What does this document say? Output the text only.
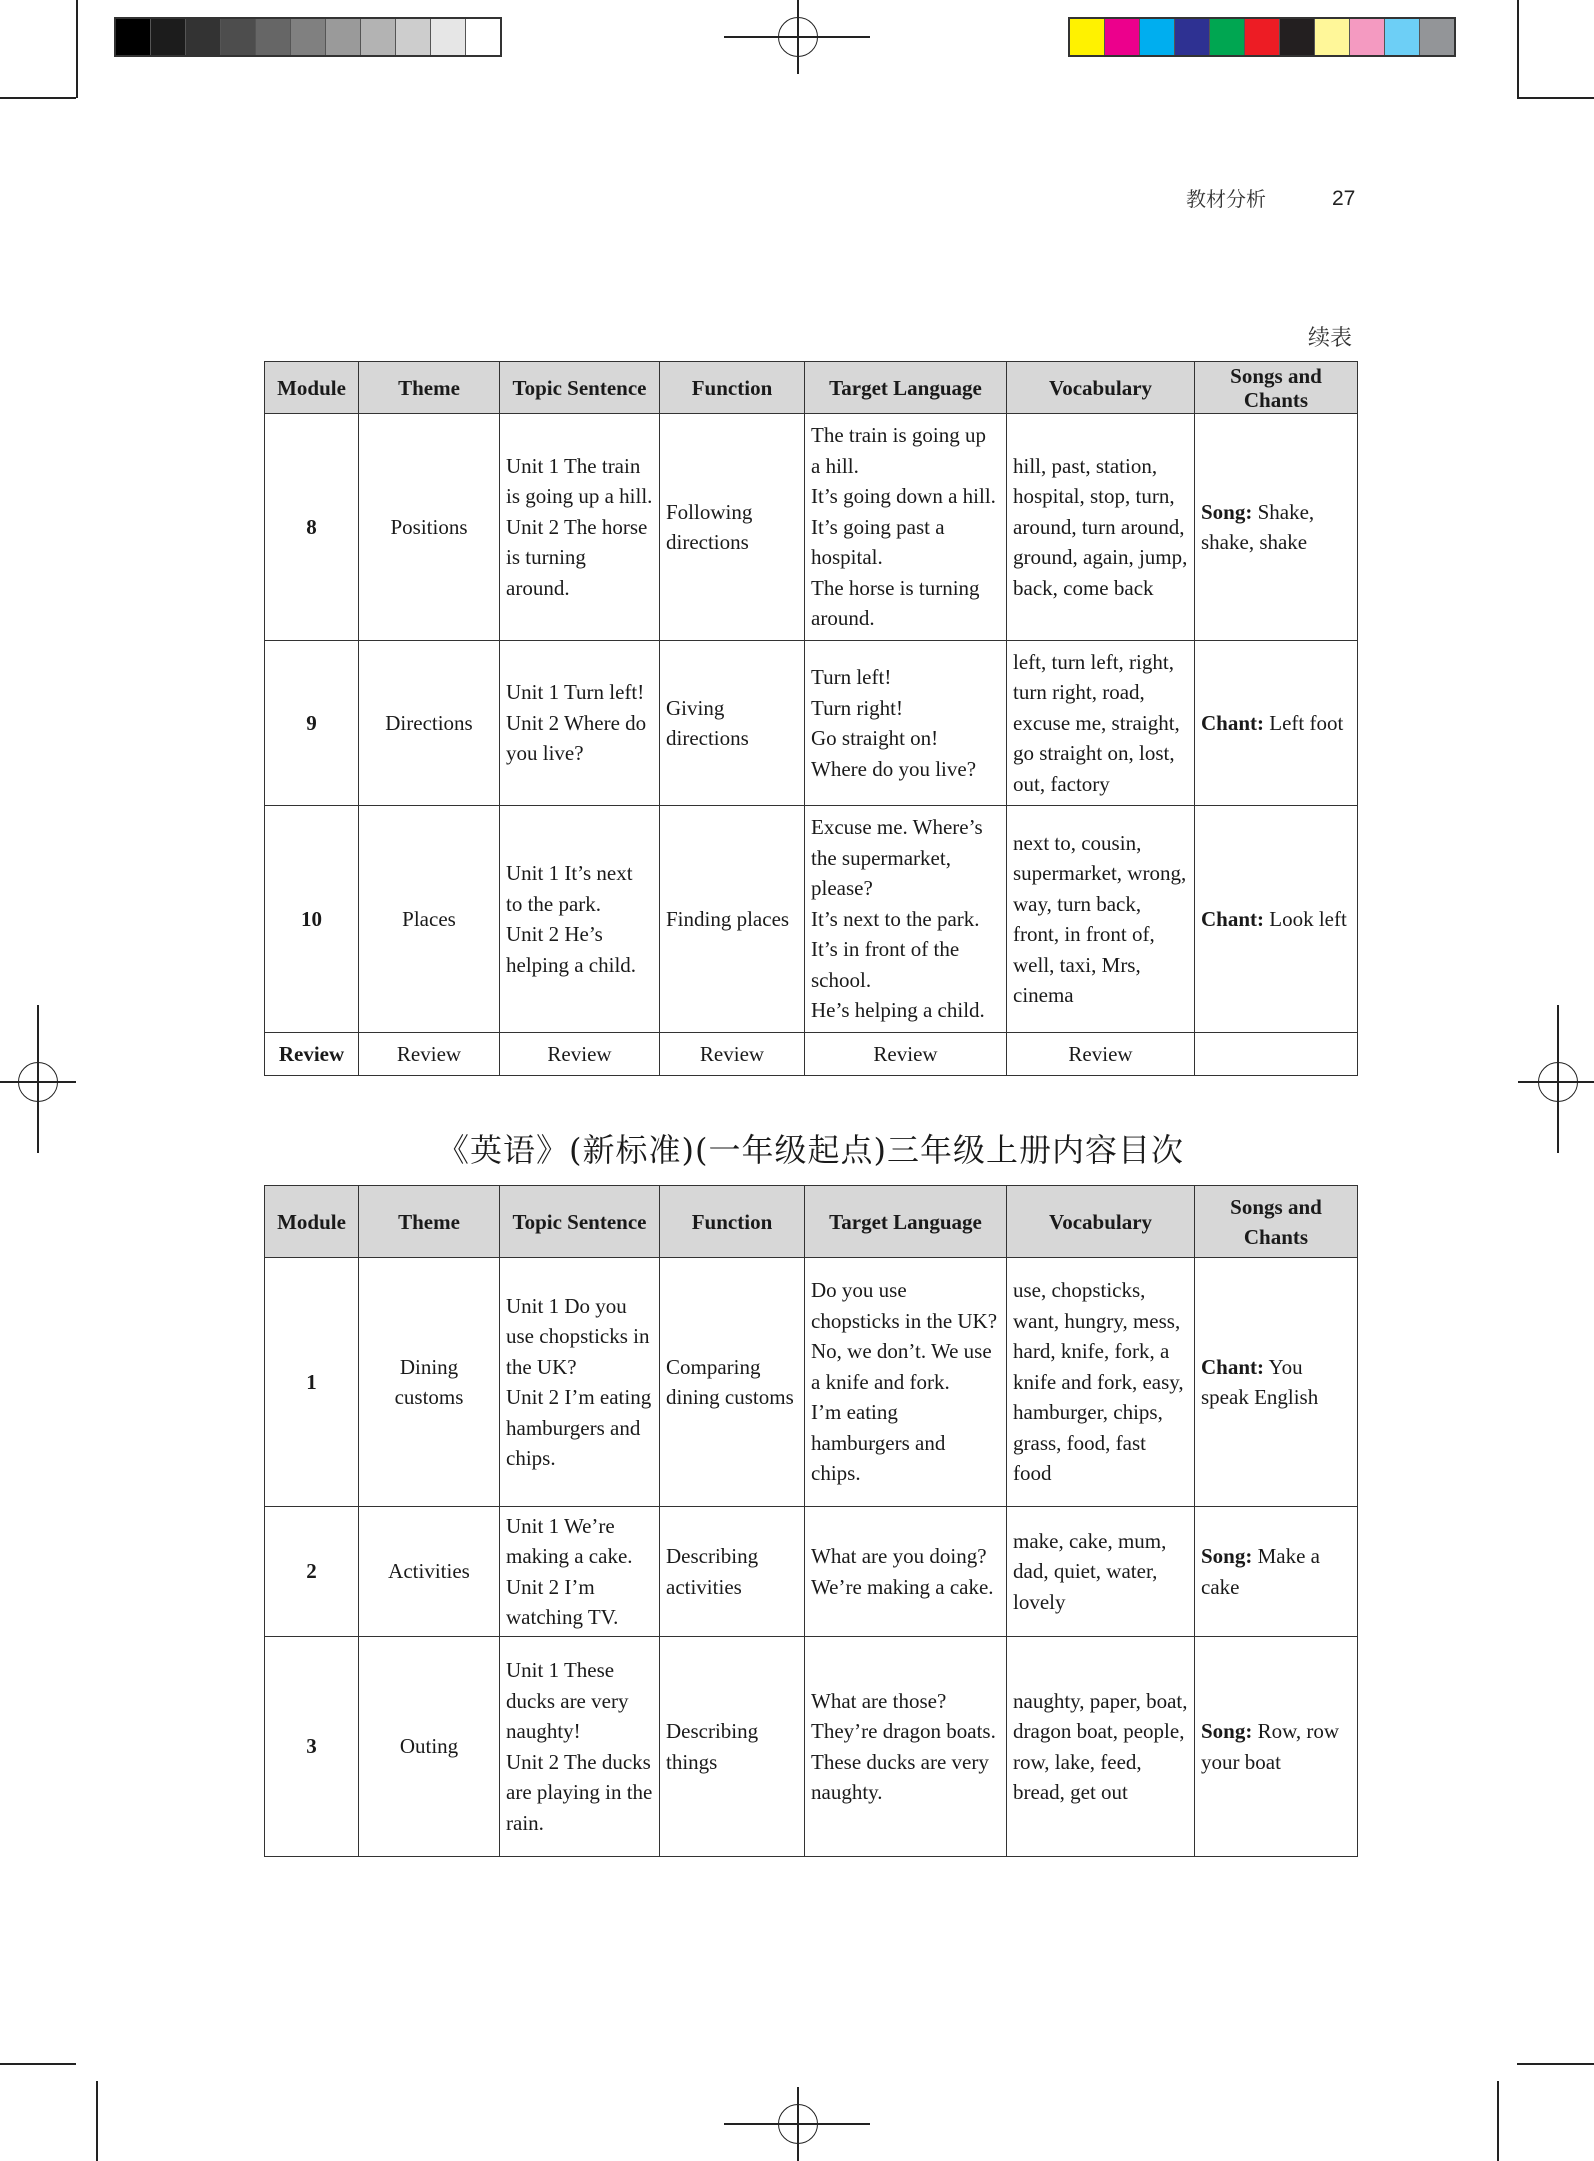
教材分析	27
续表
Module	Theme	Topic Sentence	Function	Target Language	Vocabulary	Songs and Chants
8	Positions	Unit 1 The train is going up a hill.
Unit 2 The horse is turning around.	Following directions	The train is going up a hill.
It’s going down a hill.
It’s going past a hospital.
The horse is turning around.	hill, past, station, hospital, stop, turn, around, turn around, ground, again, jump, back, come back	Song: Shake, shake, shake
9	Directions	Unit 1 Turn left!
Unit 2 Where do you live?	Giving directions	Turn left!
Turn right!
Go straight on!
Where do you live?	left, turn left, right, turn right, road, excuse me, straight, go straight on, lost, out, factory	Chant: Left foot
10	Places	Unit 1 It’s next to the park.
Unit 2 He’s helping a child.	Finding places	Excuse me. Where’s the supermarket, please?
It’s next to the park.
It’s in front of the school.
He’s helping a child.	next to, cousin, supermarket, wrong, way, turn back, front, in front of, well, taxi, Mrs, cinema	Chant: Look left
Review	Review	Review	Review	Review	Review	
《英语》(新标准)(一年级起点)三年级上册内容目次
Module	Theme	Topic Sentence	Function	Target Language	Vocabulary	Songs and Chants
1	Dining customs	Unit 1 Do you use chopsticks in the UK?
Unit 2 I’m eating hamburgers and chips.	Comparing dining customs	Do you use chopsticks in the UK?
No, we don’t. We use a knife and fork.
I’m eating hamburgers and chips.	use, chopsticks, want, hungry, mess, hard, knife, fork, a knife and fork, easy, hamburger, chips, grass, food, fast food	Chant: You speak English
2	Activities	Unit 1 We’re making a cake.
Unit 2 I’m watching TV.	Describing activities	What are you doing?
We’re making a cake.	make, cake, mum, dad, quiet, water, lovely	Song: Make a cake
3	Outing	Unit 1 These ducks are very naughty!
Unit 2 The ducks are playing in the rain.	Describing things	What are those?
They’re dragon boats.
These ducks are very naughty.	naughty, paper, boat, dragon boat, people, row, lake, feed, bread, get out	Song: Row, row your boat
